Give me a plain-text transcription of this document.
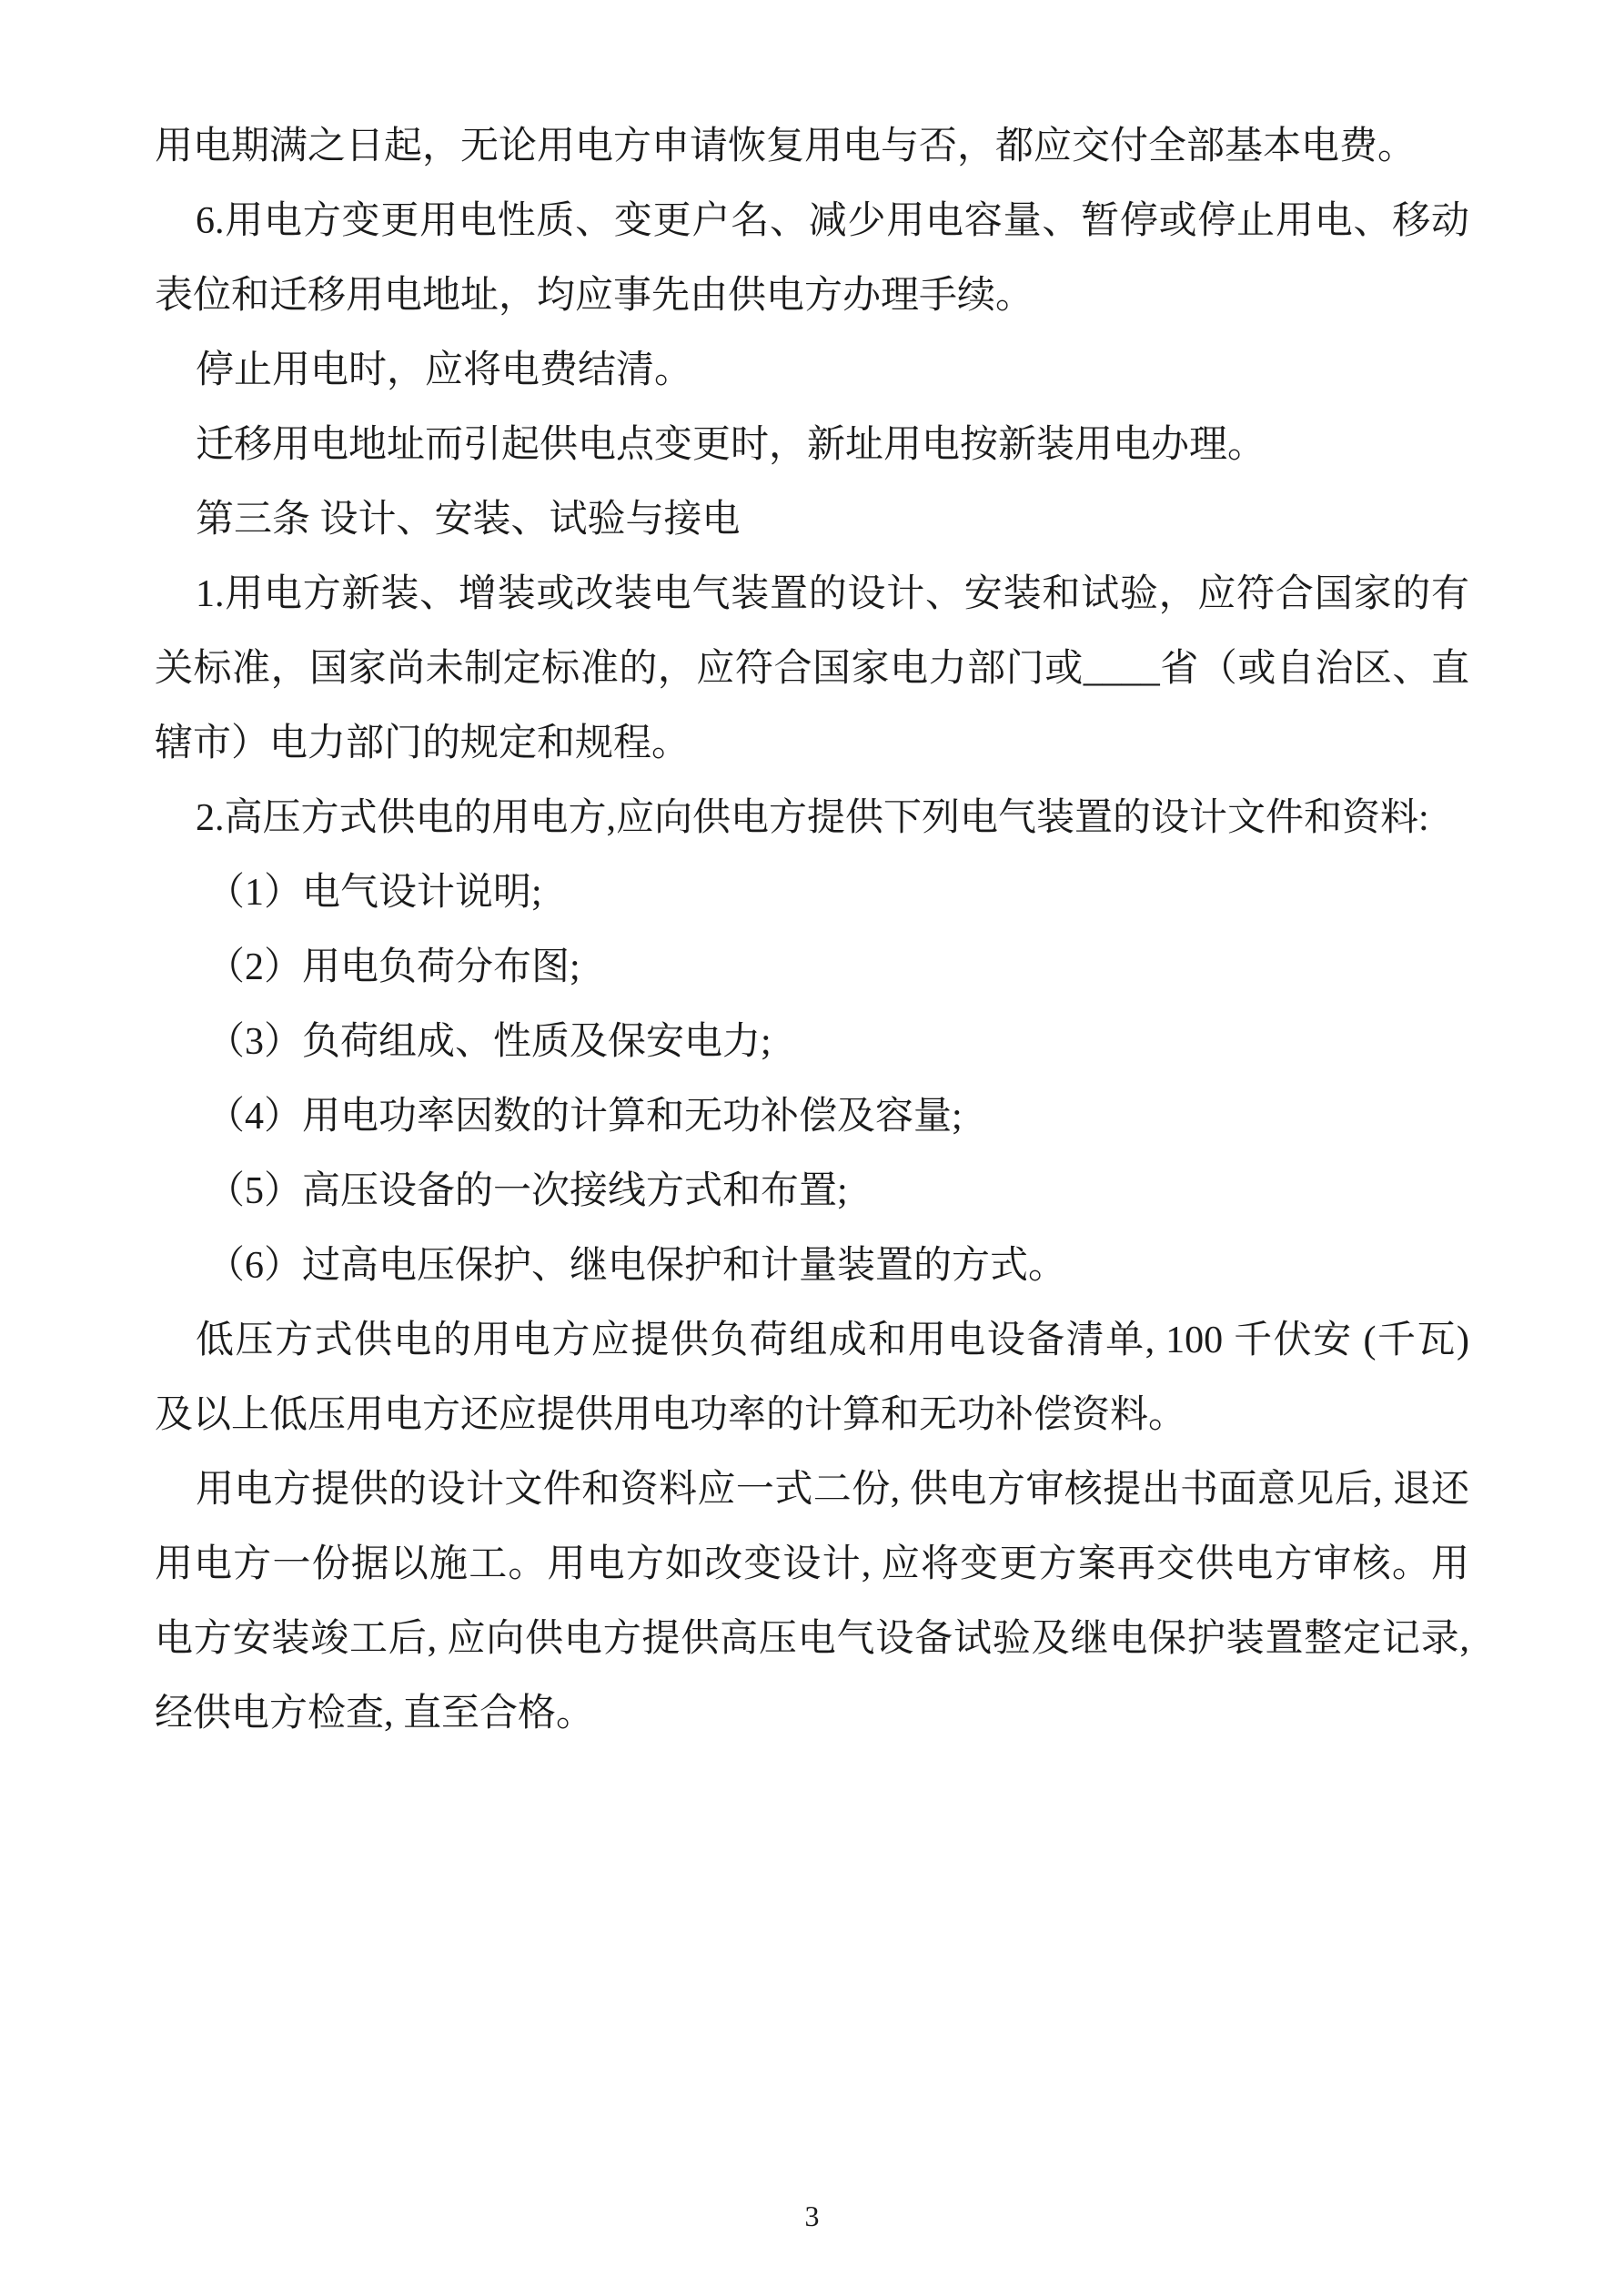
用电期满之日起，无论用电方申请恢复用电与否，都应交付全部基本电费。

6.用电方变更用电性质、变更户名、减少用电容量、暂停或停止用电、移动表位和迁移用电地址，均应事先由供电方办理手续。

停止用电时，应将电费结清。

迁移用电地址而引起供电点变更时，新址用电按新装用电办理。

第三条 设计、安装、试验与接电

1.用电方新装、增装或改装电气装置的设计、安装和试验，应符合国家的有关标准，国家尚未制定标准的，应符合国家电力部门或____省（或自治区、直辖市）电力部门的规定和规程。

2.高压方式供电的用电方,应向供电方提供下列电气装置的设计文件和资料:

（1）电气设计说明;

（2）用电负荷分布图;

（3）负荷组成、性质及保安电力;

（4）用电功率因数的计算和无功补偿及容量;

（5）高压设备的一次接线方式和布置;

（6）过高电压保护、继电保护和计量装置的方式。

低压方式供电的用电方应提供负荷组成和用电设备清单, 100 千伏安 (千瓦) 及以上低压用电方还应提供用电功率的计算和无功补偿资料。

用电方提供的设计文件和资料应一式二份, 供电方审核提出书面意见后, 退还用电方一份据以施工。用电方如改变设计, 应将变更方案再交供电方审核。用电方安装竣工后, 应向供电方提供高压电气设备试验及继电保护装置整定记录, 经供电方检查, 直至合格。

3
